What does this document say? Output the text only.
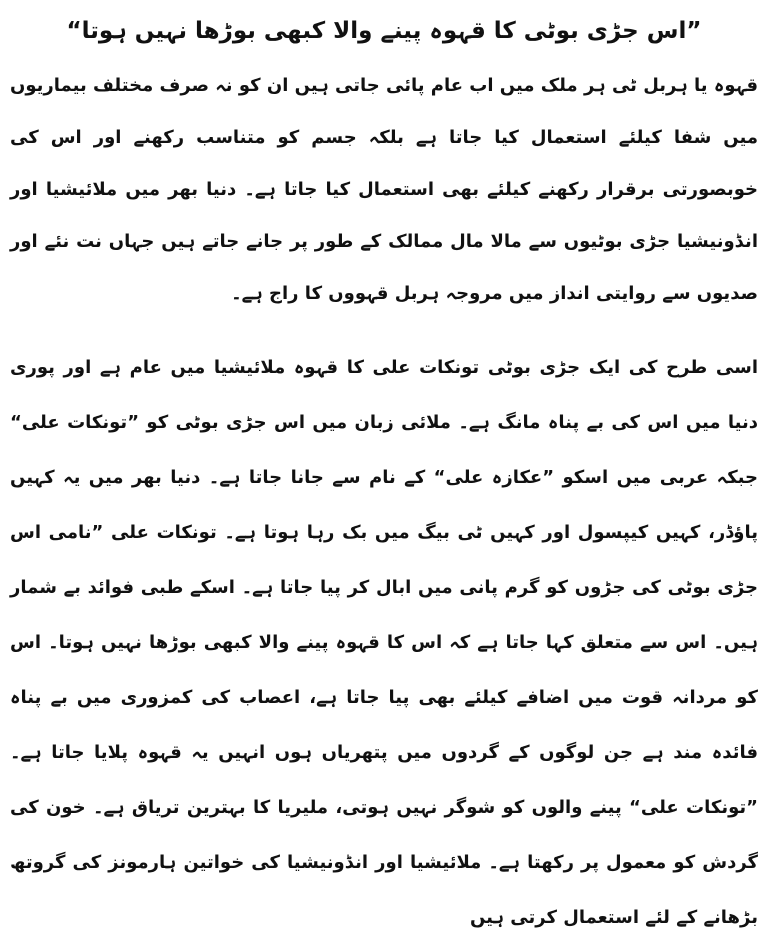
”اس جڑی بوٹی کا قہوہ پینے والا کبھی بوڑھا نہیں ہوتا“

قہوہ یا ہربل ٹی ہر ملک میں اب عام پائی جاتی ہیں ان کو نہ صرف مختلف بیماریوں میں شفا کیلئے استعمال کیا جاتا ہے بلکہ جسم کو متناسب رکھنے اور اس کی خوبصورتی برقرار رکھنے کیلئے بھی استعمال کیا جاتا ہے۔ دنیا بھر میں ملائیشیا اور انڈونیشیا جڑی بوٹیوں سے مالا مال ممالک کے طور پر جانے جاتے ہیں جہاں نت نئے اور صدیوں سے روایتی انداز میں مروجہ ہربل قہووں کا راج ہے۔

اسی طرح کی ایک جڑی بوٹی تونکات علی کا قہوہ ملائیشیا میں عام ہے اور پوری دنیا میں اس کی بے پناہ مانگ ہے۔ ملائی زبان میں اس جڑی بوٹی کو ”تونکات علی“ جبکہ عربی میں اسکو ”عکازہ علی“ کے نام سے جانا جاتا ہے۔ دنیا بھر میں یہ کہیں پاؤڈر، کہیں کیپسول اور کہیں ٹی بیگ میں بک رہا ہوتا ہے۔ تونکات علی ”نامی اس جڑی بوٹی کی جڑوں کو گرم پانی میں ابال کر پیا جاتا ہے۔ اسکے طبی فوائد بے شمار ہیں۔ اس سے متعلق کہا جاتا ہے کہ اس کا قہوہ پینے والا کبھی بوڑھا نہیں ہوتا۔ اس کو مردانہ قوت میں اضافے کیلئے بھی پیا جاتا ہے، اعصاب کی کمزوری میں بے پناہ فائدہ مند ہے جن لوگوں کے گردوں میں پتھریاں ہوں انہیں یہ قہوہ پلایا جاتا ہے۔ ”تونکات علی“ پینے والوں کو شوگر نہیں ہوتی، ملیریا کا بہترین تریاق ہے۔ خون کی گردش کو معمول پر رکھتا ہے۔ ملائیشیا اور انڈونیشیا کی خواتین ہارمونز کی گروتھ بڑھانے کے لئے استعمال کرتی ہیں
